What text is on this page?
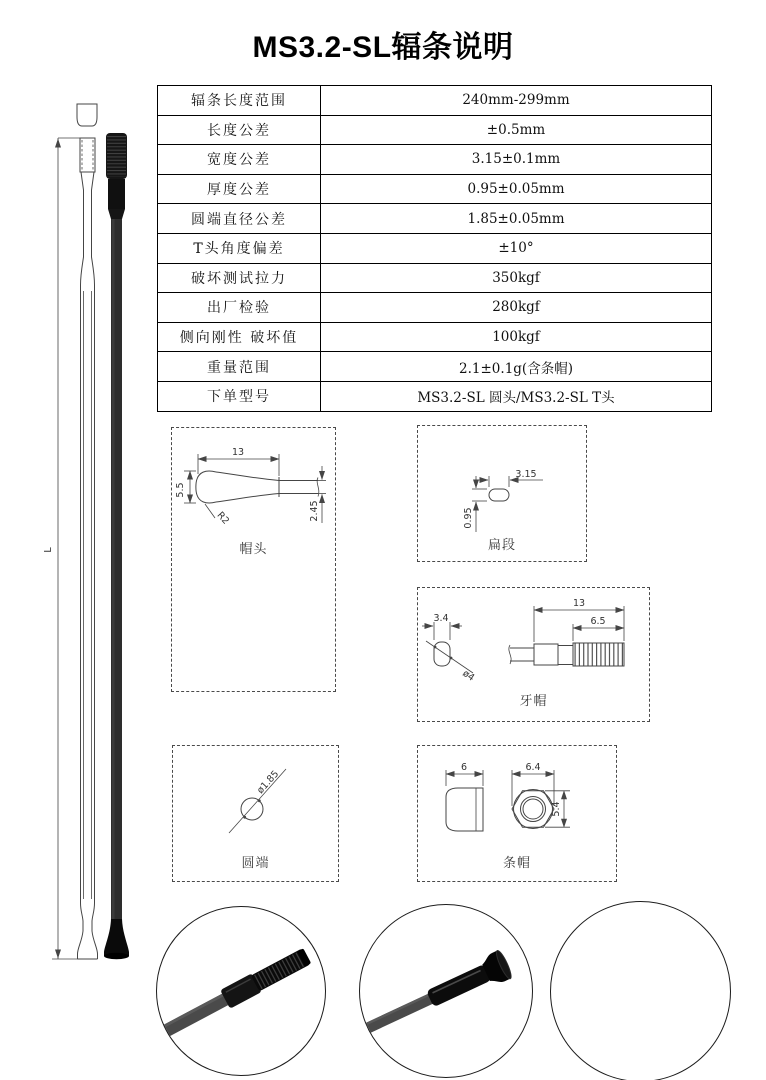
MS3.2-SL辐条说明
辐条长度范围	240mm-299mm
长度公差	±0.5mm
宽度公差	3.15±0.1mm
厚度公差	0.95±0.05mm
圆端直径公差	1.85±0.05mm
T头角度偏差	±10°
破坏测试拉力	350kgf
出厂检验	280kgf
侧向刚性 破坏值	100kgf
重量范围	2.1±0.1g(含条帽)
下单型号	MS3.2-SL 圆头/MS3.2-SL T头
L
13
5.5
R2	2.45
帽头
3.15
0.95
扁段
ø4
3.4
13
6.5
牙帽
ø1.85
圆端
6	6.4
5.4
条帽
